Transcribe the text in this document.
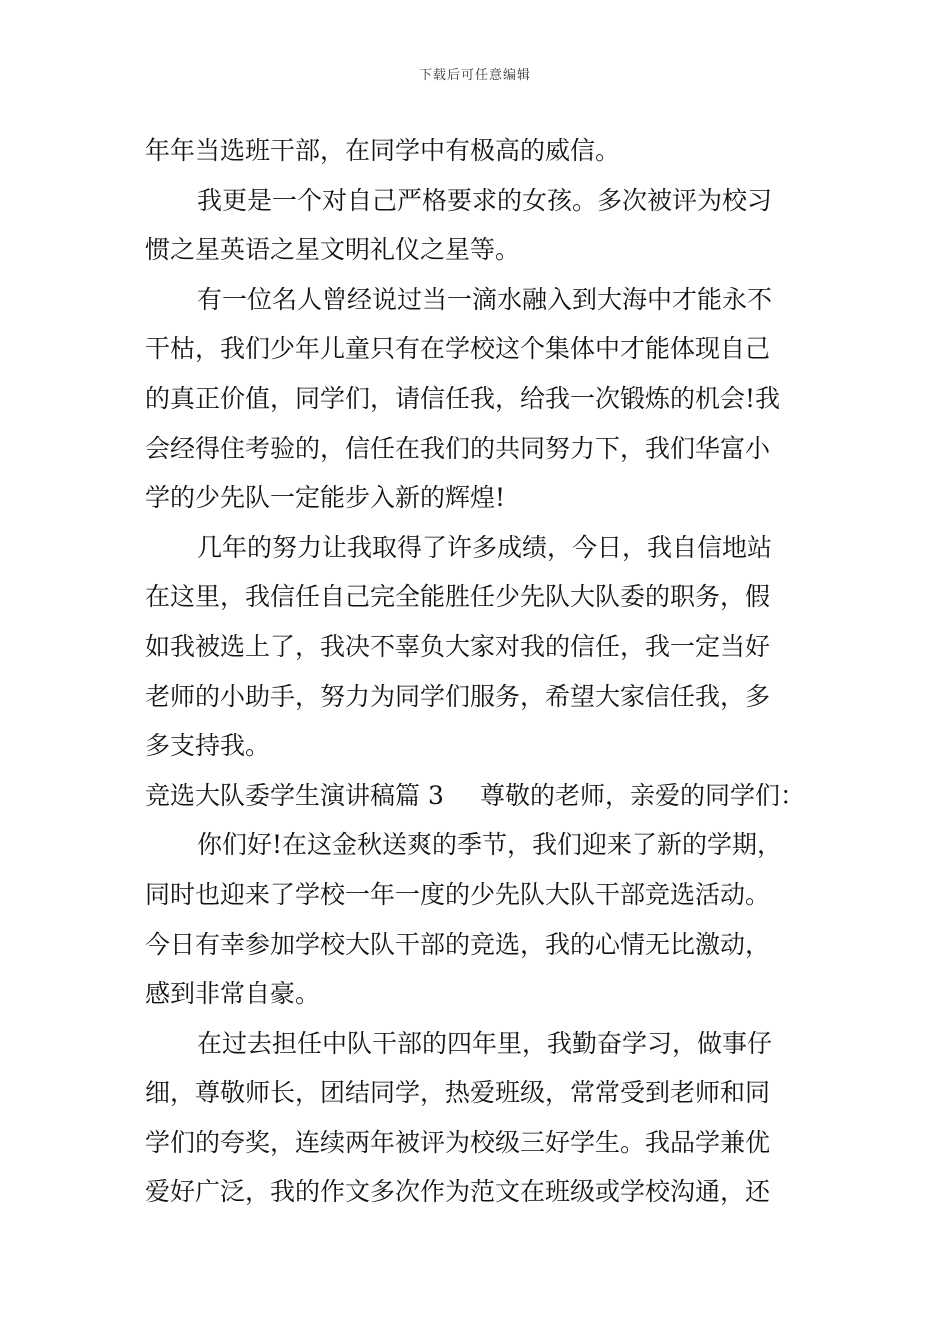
下载后可任意编辑
年年当选班干部，在同学中有极高的威信。
我更是一个对自己严格要求的女孩。多次被评为校习
惯之星英语之星文明礼仪之星等。
有一位名人曾经说过当一滴水融入到大海中才能永不
干枯，我们少年儿童只有在学校这个集体中才能体现自己
的真正价值，同学们，请信任我，给我一次锻炼的机会!我
会经得住考验的，信任在我们的共同努力下，我们华富小
学的少先队一定能步入新的辉煌!
几年的努力让我取得了许多成绩，今日，我自信地站
在这里，我信任自己完全能胜任少先队大队委的职务，假
如我被选上了，我决不辜负大家对我的信任，我一定当好
老师的小助手，努力为同学们服务，希望大家信任我，多
多支持我。
竞选大队委学生演讲稿篇 3	尊敬的老师，亲爱的同学们：
你们好!在这金秋送爽的季节，我们迎来了新的学期，
同时也迎来了学校一年一度的少先队大队干部竞选活动。
今日有幸参加学校大队干部的竞选，我的心情无比激动，
感到非常自豪。
在过去担任中队干部的四年里，我勤奋学习，做事仔
细，尊敬师长，团结同学，热爱班级，常常受到老师和同
学们的夸奖，连续两年被评为校级三好学生。我品学兼优
爱好广泛，我的作文多次作为范文在班级或学校沟通，还
